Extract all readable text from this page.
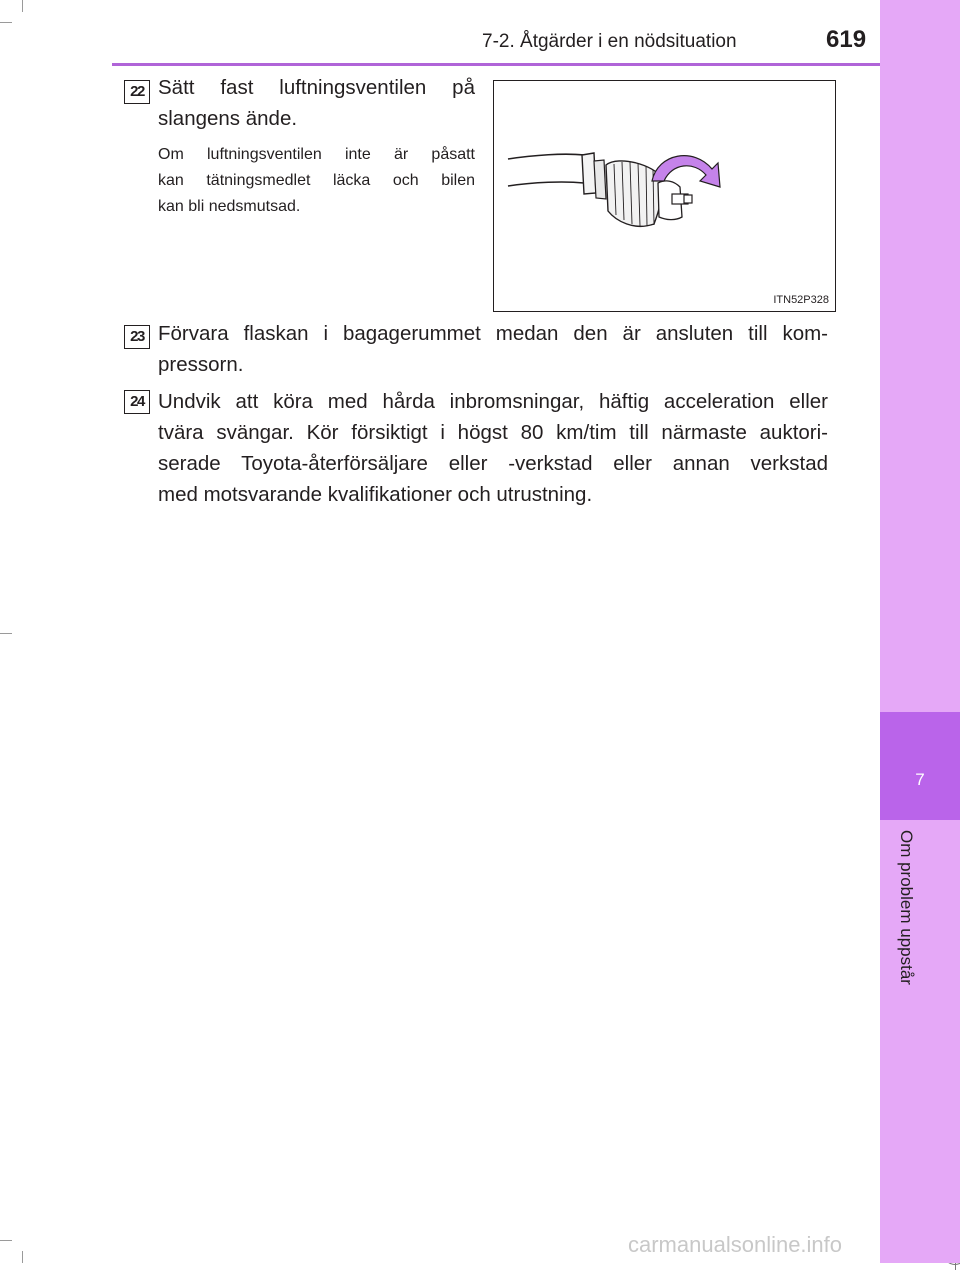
7-2. Åtgärder i en nödsituation	619
7
Om problem uppstår
22 Sätt fast luftningsventilen på
slangens ände.
Om luftningsventilen inte är påsatt
kan tätningsmedlet läcka och bilen
kan bli nedsmutsad.
ITN52P328
23 Förvara flaskan i bagagerummet medan den är ansluten till kom-
pressorn.
24 Undvik att köra med hårda inbromsningar, häftig acceleration eller
tvära svängar. Kör försiktigt i högst 80 km/tim till närmaste auktori-
serade Toyota-återförsäljare eller -verkstad eller annan verkstad
med motsvarande kvalifikationer och utrustning.
carmanualsonline.info
